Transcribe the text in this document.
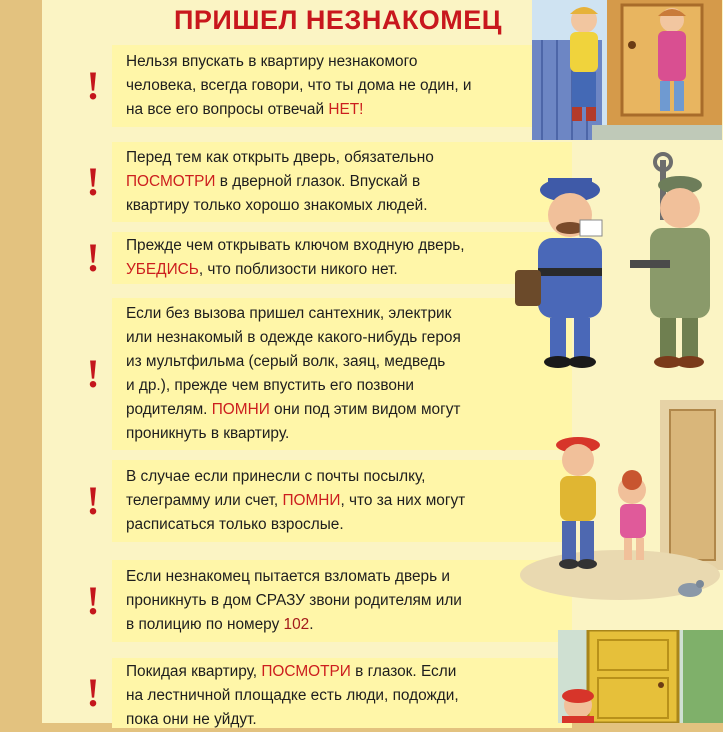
ПРИШЕЛ НЕЗНАКОМЕЦ
!

Нельзя впускать в квартиру незнакомого
человека, всегда говори, что ты дома не один, и
на все его вопросы отвечай НЕТ!

!

Перед тем как открыть дверь, обязательно
ПОСМОТРИ в дверной глазок. Впускай в
квартиру только хорошо знакомых людей.

! Прежде чем открывать ключом входную дверь,
УБЕДИСЬ, что поблизости никого нет.

!

Если без вызова пришел сантехник, электрик
или незнакомый в одежде какого-нибудь героя
из мультфильма (серый волк, заяц, медведь
и др.), прежде чем впустить его позвони
родителям. ПОМНИ они под этим видом могут
проникнуть в квартиру.

!

В случае если принесли с почты посылку,
телеграмму или счет, ПОМНИ, что за них могут
расписаться только взрослые.

!

Если незнакомец пытается взломать дверь и
проникнуть в дом СРАЗУ звони родителям или
в полицию по номеру 102.

! Покидая квартиру, ПОСМОТРИ в глазок. Если
на лестничной площадке есть люди, подожди,
пока они не уйдут.
